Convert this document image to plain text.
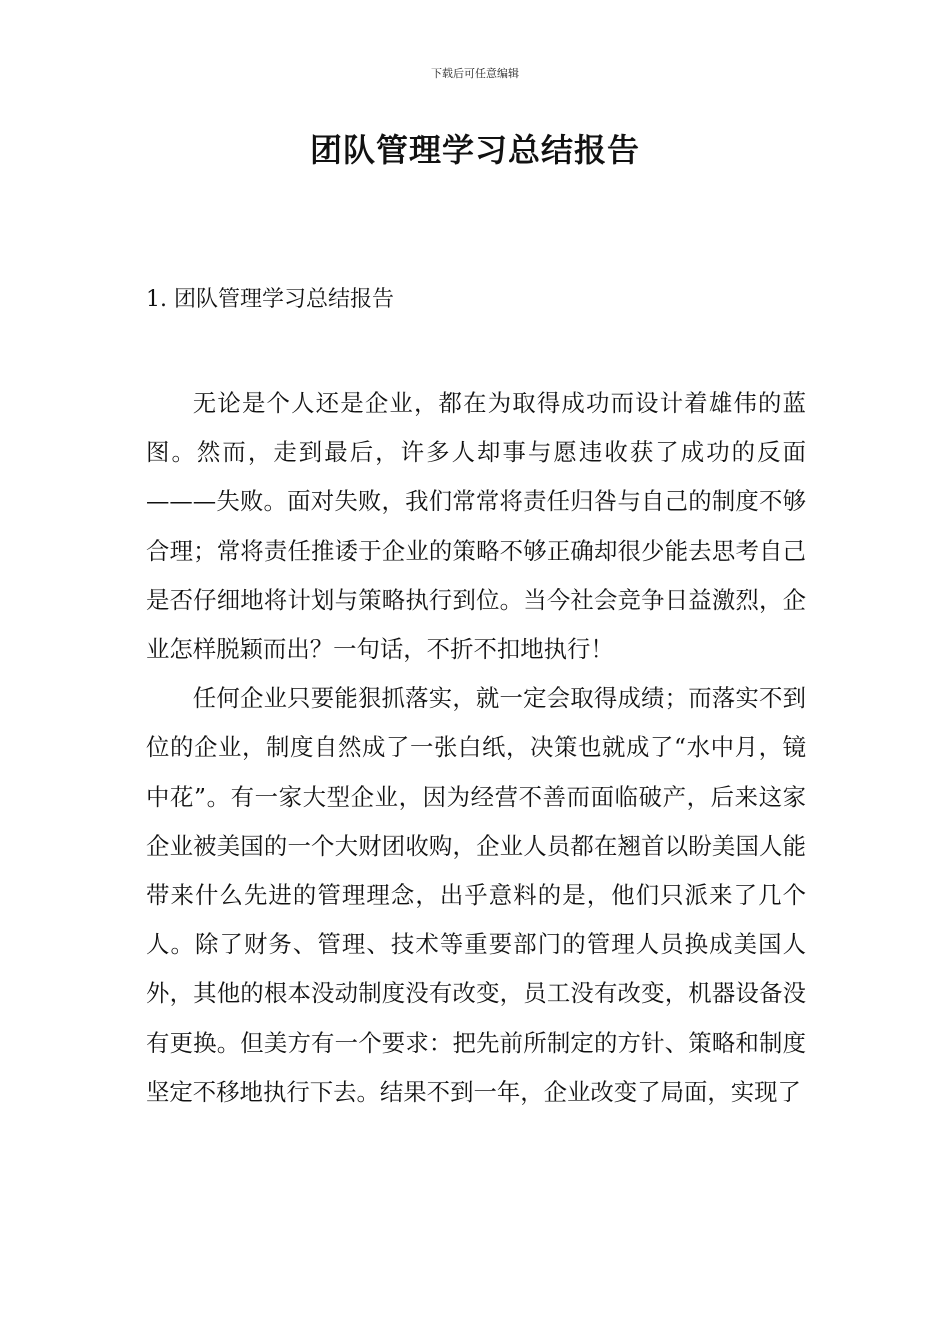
下载后可任意编辑
团队管理学习总结报告
1. 团队管理学习总结报告

无论是个人还是企业，都在为取得成功而设计着雄伟的蓝图。然而，走到最后，许多人却事与愿违收获了成功的反面———失败。面对失败，我们常常将责任归咎与自己的制度不够合理；常将责任推诿于企业的策略不够正确却很少能去思考自己是否仔细地将计划与策略执行到位。当今社会竞争日益激烈，企业怎样脱颖而出？一句话，不折不扣地执行！

任何企业只要能狠抓落实，就一定会取得成绩；而落实不到位的企业，制度自然成了一张白纸，决策也就成了“水中月，镜中花”。有一家大型企业，因为经营不善而面临破产，后来这家企业被美国的一个大财团收购，企业人员都在翘首以盼美国人能带来什么先进的管理理念，出乎意料的是，他们只派来了几个人。除了财务、管理、技术等重要部门的管理人员换成美国人外，其他的根本没动制度没有改变，员工没有改变，机器设备没有更换。但美方有一个要求：把先前所制定的方针、策略和制度坚定不移地执行下去。结果不到一年，企业改变了局面，实现了
